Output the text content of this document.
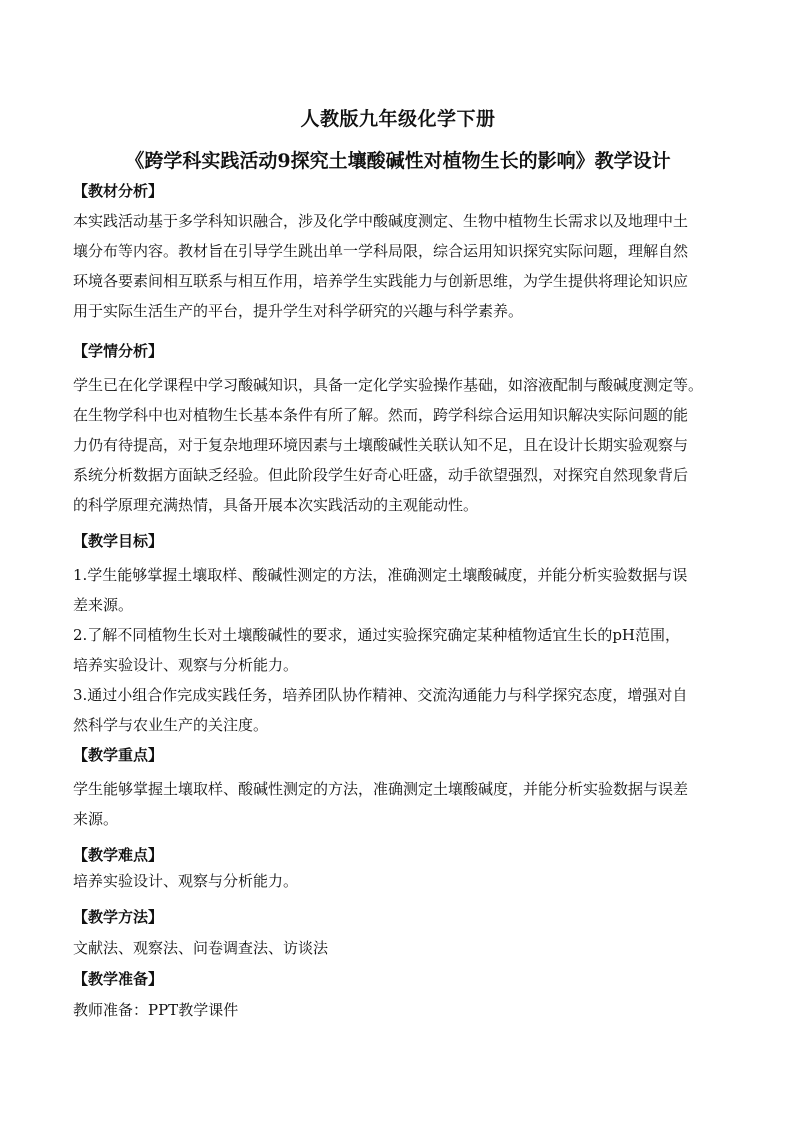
人教版九年级化学下册
《跨学科实践活动9探究土壤酸碱性对植物生长的影响》教学设计
【教材分析】
本实践活动基于多学科知识融合，涉及化学中酸碱度测定、生物中植物生长需求以及地理中土
壤分布等内容。教材旨在引导学生跳出单一学科局限，综合运用知识探究实际问题，理解自然
环境各要素间相互联系与相互作用，培养学生实践能力与创新思维，为学生提供将理论知识应
用于实际生活生产的平台，提升学生对科学研究的兴趣与科学素养。
【学情分析】
学生已在化学课程中学习酸碱知识，具备一定化学实验操作基础，如溶液配制与酸碱度测定等。
在生物学科中也对植物生长基本条件有所了解。然而，跨学科综合运用知识解决实际问题的能
力仍有待提高，对于复杂地理环境因素与土壤酸碱性关联认知不足，且在设计长期实验观察与
系统分析数据方面缺乏经验。但此阶段学生好奇心旺盛，动手欲望强烈，对探究自然现象背后
的科学原理充满热情，具备开展本次实践活动的主观能动性。
【教学目标】
1.学生能够掌握土壤取样、酸碱性测定的方法，准确测定土壤酸碱度，并能分析实验数据与误
差来源。
2.了解不同植物生长对土壤酸碱性的要求，通过实验探究确定某种植物适宜生长的pH范围，
培养实验设计、观察与分析能力。
3.通过小组合作完成实践任务，培养团队协作精神、交流沟通能力与科学探究态度，增强对自
然科学与农业生产的关注度。
【教学重点】
学生能够掌握土壤取样、酸碱性测定的方法，准确测定土壤酸碱度，并能分析实验数据与误差
来源。
【教学难点】
培养实验设计、观察与分析能力。
【教学方法】
文献法、观察法、问卷调查法、访谈法
【教学准备】
教师准备：PPT教学课件
